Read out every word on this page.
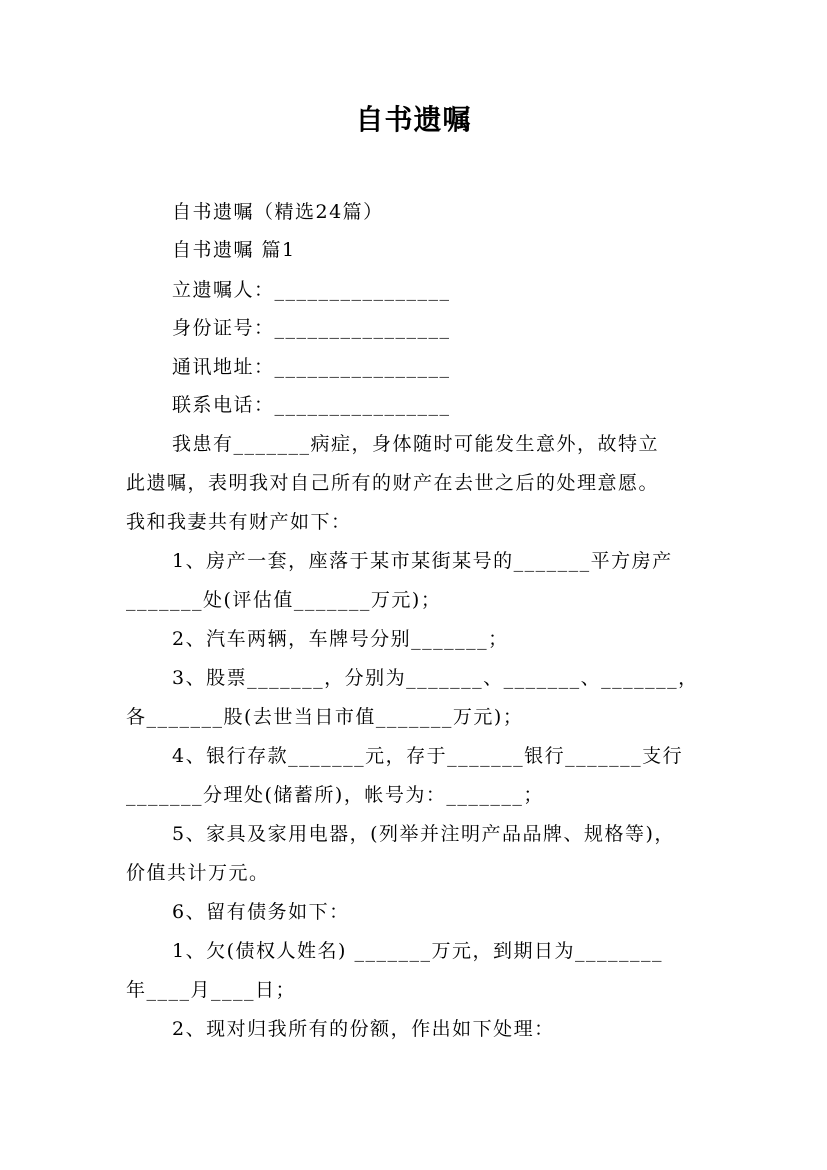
自书遗嘱
自书遗嘱（精选24篇）
自书遗嘱 篇1
立遗嘱人：________________
身份证号：________________
通讯地址：________________
联系电话：________________
我患有_______病症，身体随时可能发生意外，故特立
此遗嘱，表明我对自己所有的财产在去世之后的处理意愿。
我和我妻共有财产如下：
1、房产一套，座落于某市某街某号的_______平方房产
_______处(评估值_______万元)；
2、汽车两辆，车牌号分别_______；
3、股票_______，分别为_______、_______、_______，
各_______股(去世当日市值_______万元)；
4、银行存款_______元，存于_______银行_______支行
_______分理处(储蓄所)，帐号为：_______；
5、家具及家用电器，(列举并注明产品品牌、规格等)，
价值共计万元。
6、留有债务如下：
1、欠(债权人姓名) _______万元，到期日为________
年____月____日；
2、现对归我所有的份额，作出如下处理：
